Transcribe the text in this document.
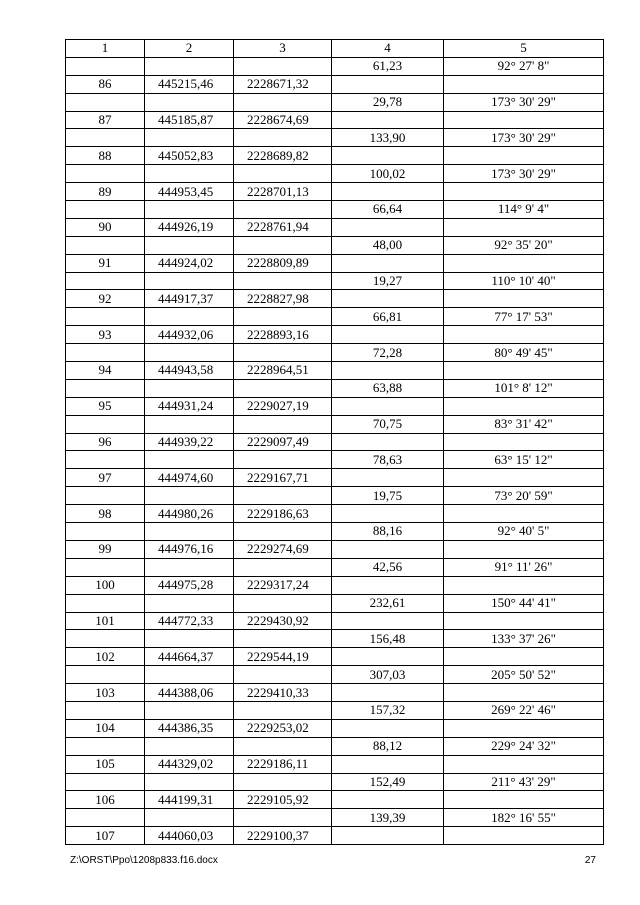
1	2	3	4	5
			61,23	92° 27' 8"
86	445215,46	2228671,32		
			29,78	173° 30' 29"
87	445185,87	2228674,69		
			133,90	173° 30' 29"
88	445052,83	2228689,82		
			100,02	173° 30' 29"
89	444953,45	2228701,13		
			66,64	114° 9' 4"
90	444926,19	2228761,94		
			48,00	92° 35' 20"
91	444924,02	2228809,89		
			19,27	110° 10' 40"
92	444917,37	2228827,98		
			66,81	77° 17' 53"
93	444932,06	2228893,16		
			72,28	80° 49' 45"
94	444943,58	2228964,51		
			63,88	101° 8' 12"
95	444931,24	2229027,19		
			70,75	83° 31' 42"
96	444939,22	2229097,49		
			78,63	63° 15' 12"
97	444974,60	2229167,71		
			19,75	73° 20' 59"
98	444980,26	2229186,63		
			88,16	92° 40' 5"
99	444976,16	2229274,69		
			42,56	91° 11' 26"
100	444975,28	2229317,24		
			232,61	150° 44' 41"
101	444772,33	2229430,92		
			156,48	133° 37' 26"
102	444664,37	2229544,19		
			307,03	205° 50' 52"
103	444388,06	2229410,33		
			157,32	269° 22' 46"
104	444386,35	2229253,02		
			88,12	229° 24' 32"
105	444329,02	2229186,11		
			152,49	211° 43' 29"
106	444199,31	2229105,92		
			139,39	182° 16' 55"
107	444060,03	2229100,37		
Z:\ORST\Ppo\1208p833.f16.docx	27
